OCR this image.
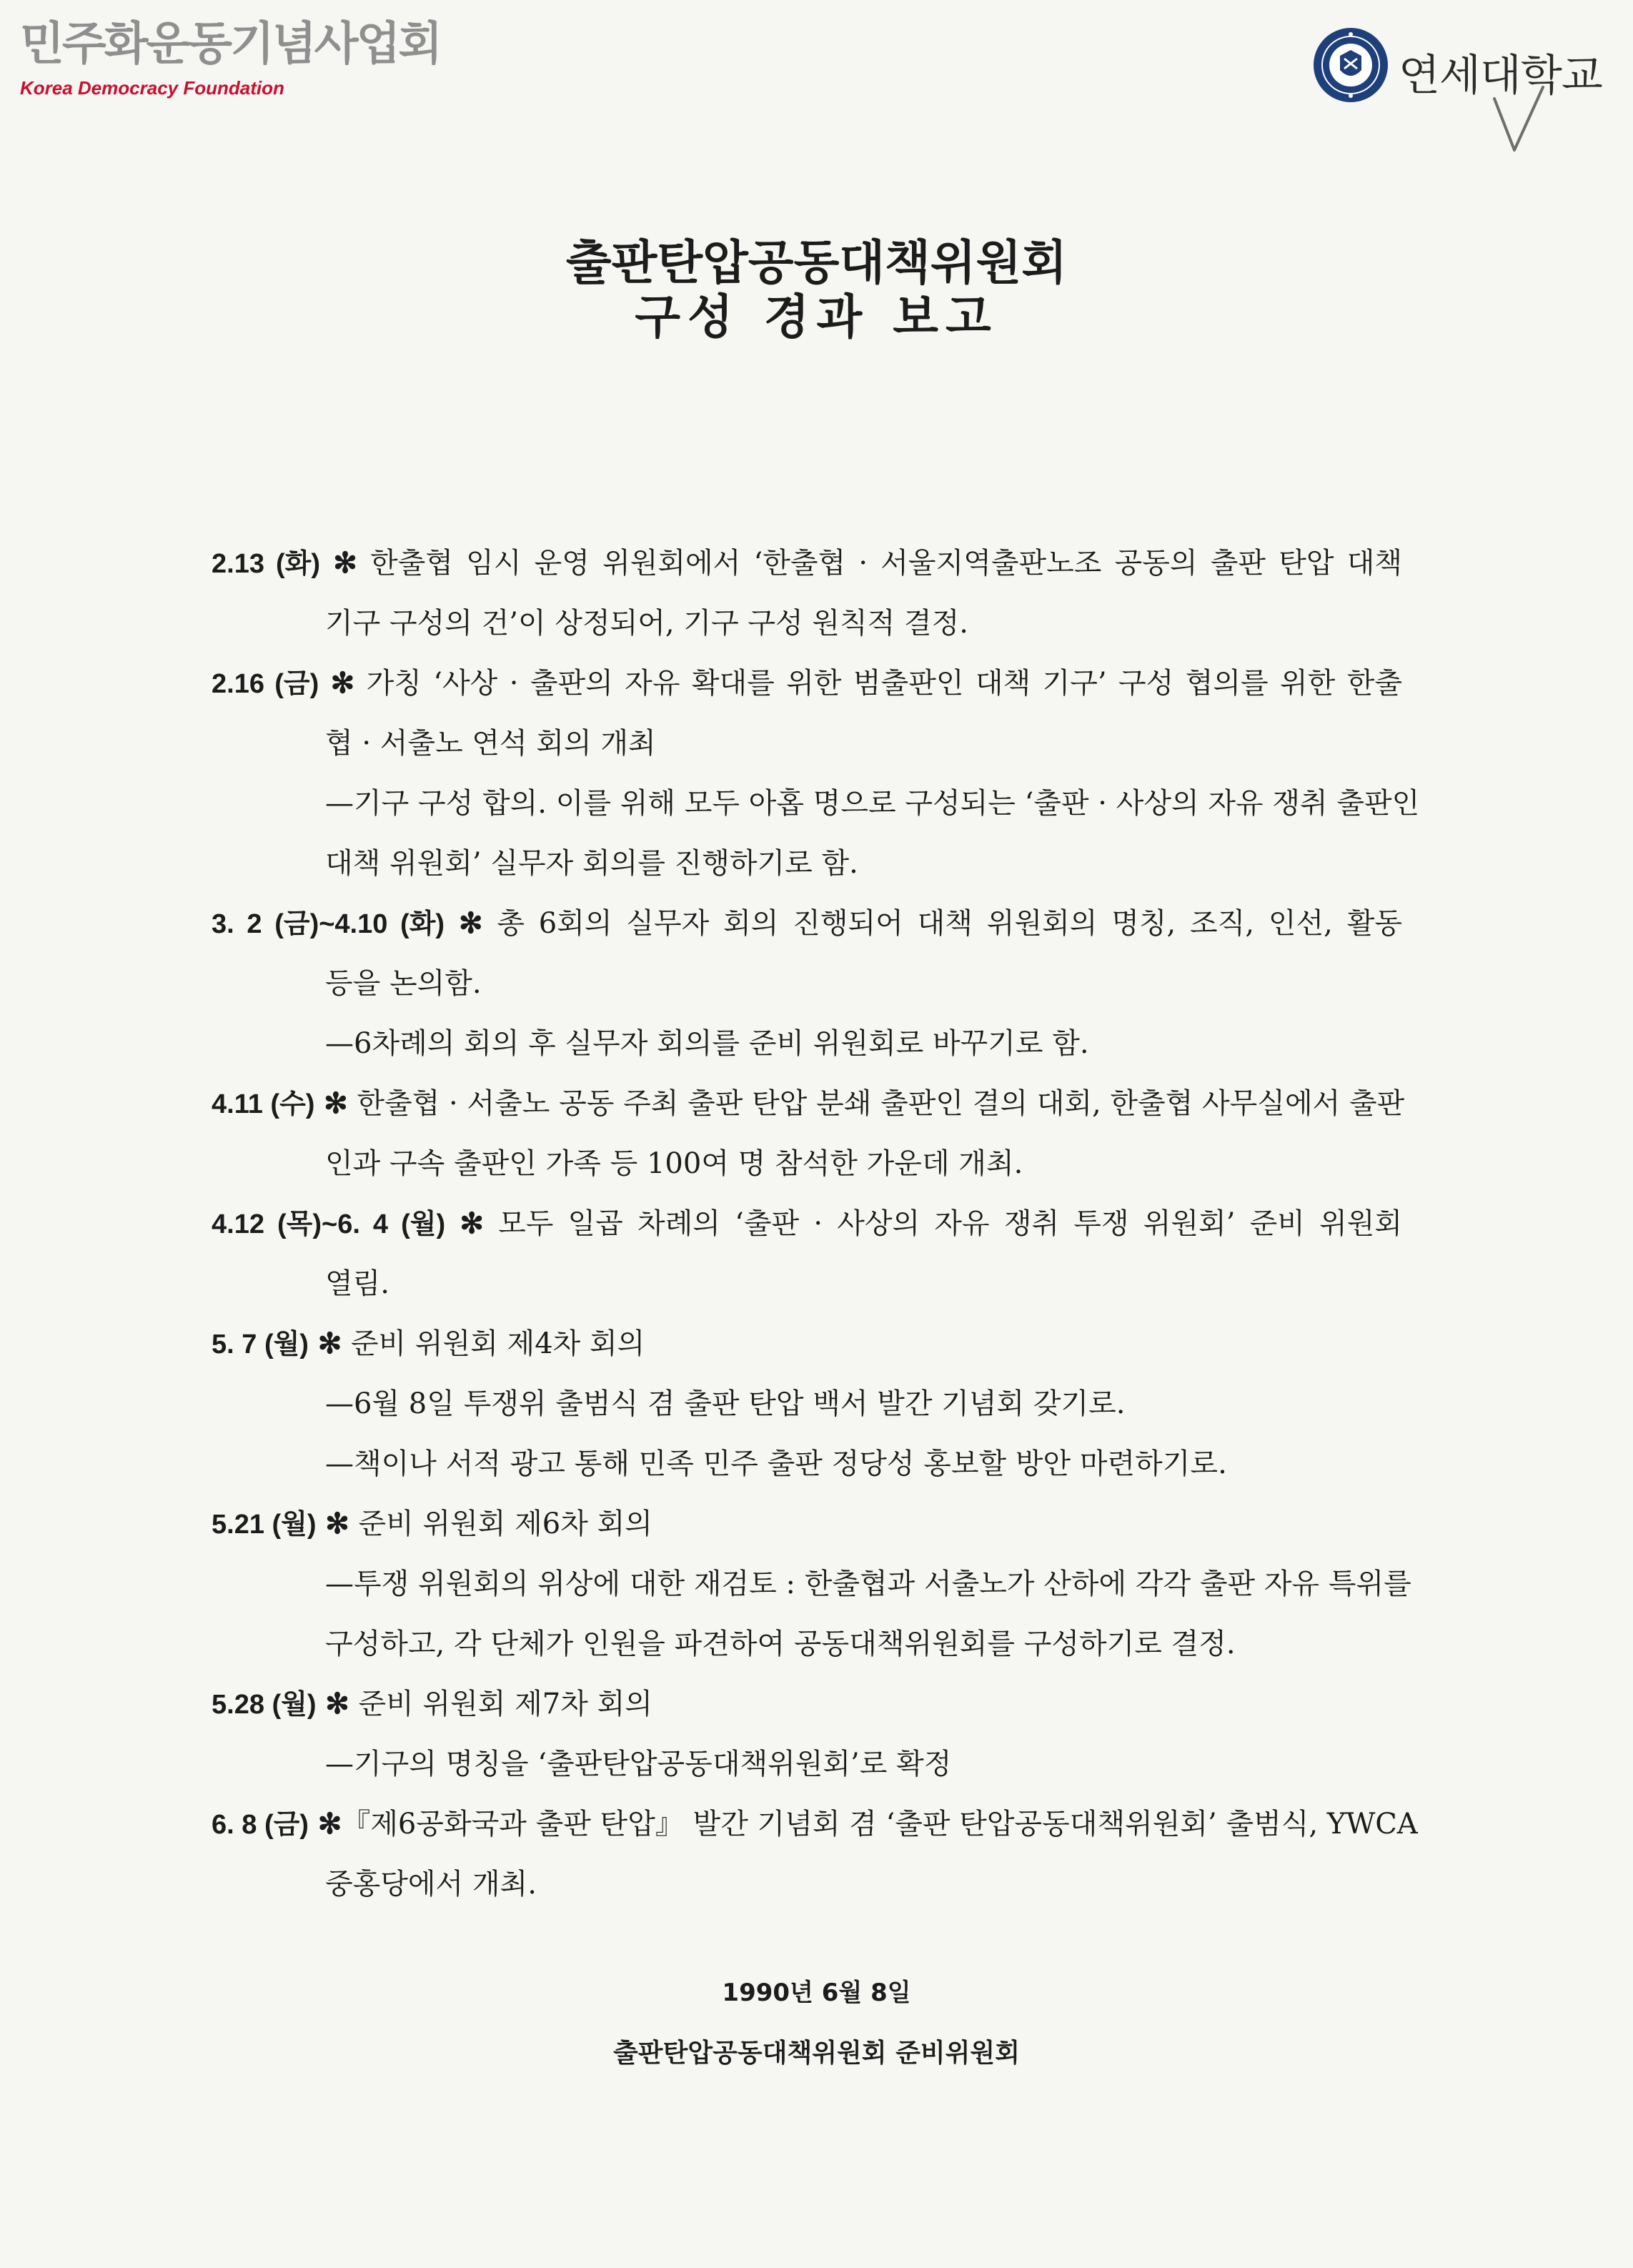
민주화운동기념사업회
Korea Democracy Foundation	연세대학교
출판탄압공동대책위원회
구성 경과 보고
2.13 (화) ✻ 한출협 임시 운영 위원회에서 ‘한출협 · 서울지역출판노조 공동의 출판 탄압 대책
기구 구성의 건’이 상정되어, 기구 구성 원칙적 결정.
2.16 (금) ✻ 가칭 ‘사상 · 출판의 자유 확대를 위한 범출판인 대책 기구’ 구성 협의를 위한 한출
협 · 서출노 연석 회의 개최
—기구 구성 합의. 이를 위해 모두 아홉 명으로 구성되는 ‘출판 · 사상의 자유 쟁취 출판인
대책 위원회’ 실무자 회의를 진행하기로 함.
3. 2 (금)~4.10 (화) ✻ 총 6회의 실무자 회의 진행되어 대책 위원회의 명칭, 조직, 인선, 활동
등을 논의함.
—6차례의 회의 후 실무자 회의를 준비 위원회로 바꾸기로 함.
4.11 (수) ✻ 한출협 · 서출노 공동 주최 출판 탄압 분쇄 출판인 결의 대회, 한출협 사무실에서 출판
인과 구속 출판인 가족 등 100여 명 참석한 가운데 개최.
4.12 (목)~6. 4 (월) ✻ 모두 일곱 차례의 ‘출판 · 사상의 자유 쟁취 투쟁 위원회’ 준비 위원회
열림.
5. 7 (월) ✻ 준비 위원회 제4차 회의
—6월 8일 투쟁위 출범식 겸 출판 탄압 백서 발간 기념회 갖기로.
—책이나 서적 광고 통해 민족 민주 출판 정당성 홍보할 방안 마련하기로.
5.21 (월) ✻ 준비 위원회 제6차 회의
—투쟁 위원회의 위상에 대한 재검토 : 한출협과 서출노가 산하에 각각 출판 자유 특위를
구성하고, 각 단체가 인원을 파견하여 공동대책위원회를 구성하기로 결정.
5.28 (월) ✻ 준비 위원회 제7차 회의
—기구의 명칭을 ‘출판탄압공동대책위원회’로 확정
6. 8 (금) ✻『제6공화국과 출판 탄압』 발간 기념회 겸 ‘출판 탄압공동대책위원회’ 출범식, YWCA
중홍당에서 개최.
1990년 6월 8일
출판탄압공동대책위원회 준비위원회
